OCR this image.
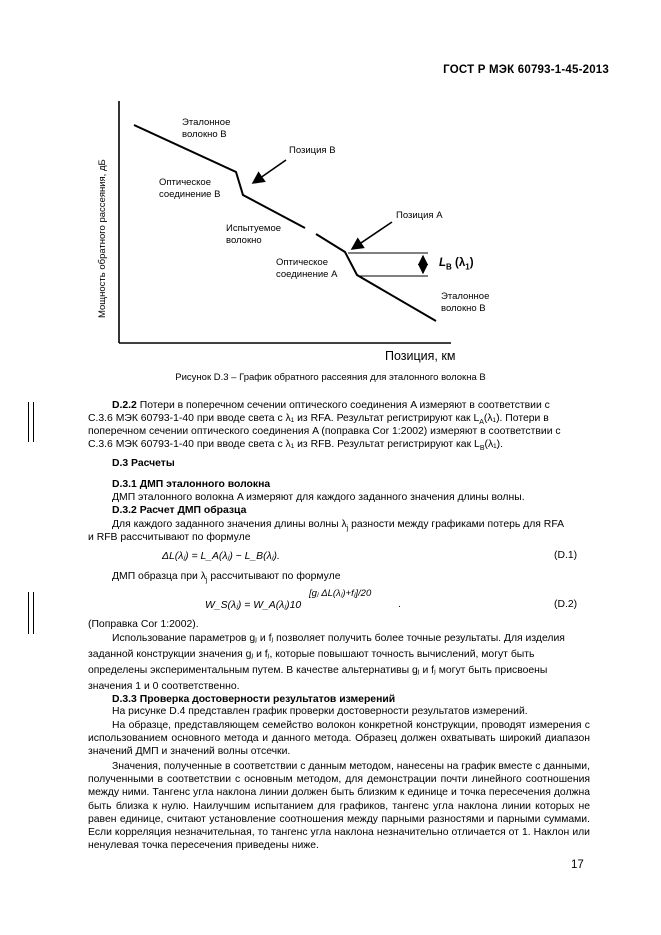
ГОСТ Р МЭК 60793-1-45-2013
Мощность обратного рассеяния, дБ
Эталонное
волокно B
Позиция B
Оптическое
соединение B
Испытуемое
волокно
Позиция A
Оптическое
соединение A
$L_B$ $(\lambda_1)$
Эталонное
волокно B
Позиция, км
Рисунок D.3 – График обратного рассеяния для эталонного волокна B
D.2.2 Потери в поперечном сечении оптического соединения A измеряют в соответствии с
С.3.6 МЭК 60793-1-40 при вводе света с λ₁ из RFA. Результат регистрируют как $L_A(\lambda_1)$. Потери в
поперечном сечении оптического соединения A (поправка Cor 1:2002) измеряют в соответствии с
С.3.6 МЭК 60793-1-40 при вводе света с λ₁ из RFB. Результат регистрируют как $L_B(\lambda_1)$.
D.3 Расчеты
D.3.1 ДМП эталонного волокна
ДМП эталонного волокна A измеряют для каждого заданного значения длины волны.
D.3.2 Расчет ДМП образца
Для каждого заданного значения длины волны $\lambda_j$ разности между графиками потерь для RFA
и RFB рассчитывают по формуле
ΔL(λⱼ) = L_A(λⱼ) − L_B(λⱼ).	(D.1)
ДМП образца при $\lambda_j$ рассчитывают по формуле
W_S(λⱼ) = W_A(λⱼ)10
[gⱼ ΔL(λⱼ)+fⱼ]/20
.	(D.2)
(Поправка Cor 1:2002).
Использование параметров gⱼ и fⱼ позволяет получить более точные результаты. Для изделия
заданной конструкции значения gⱼ и fⱼ, которые повышают точность вычислений, могут быть
определены экспериментальным путем. В качестве альтернативы gⱼ и fⱼ могут быть присвоены
значения 1 и 0 соответственно.
D.3.3 Проверка достоверности результатов измерений
На рисунке D.4 представлен график проверки достоверности результатов измерений.
На образце, представляющем семейство волокон конкретной конструкции, проводят измерения с использованием основного метода и данного метода. Образец должен охватывать широкий диапазон значений ДМП и значений волны отсечки.
Значения, полученные в соответствии с данным методом, нанесены на график вместе с данными, полученными в соответствии с основным методом, для демонстрации почти линейного соотношения между ними. Тангенс угла наклона линии должен быть близким к единице и точка пересечения должна быть близка к нулю. Наилучшим испытанием для графиков, тангенс угла наклона линии которых не равен единице, считают установление соотношения между парными разностями и парными суммами. Если корреляция незначительная, то тангенс угла наклона незначительно отличается от 1. Наклон или ненулевая точка пересечения приведены ниже.
17
